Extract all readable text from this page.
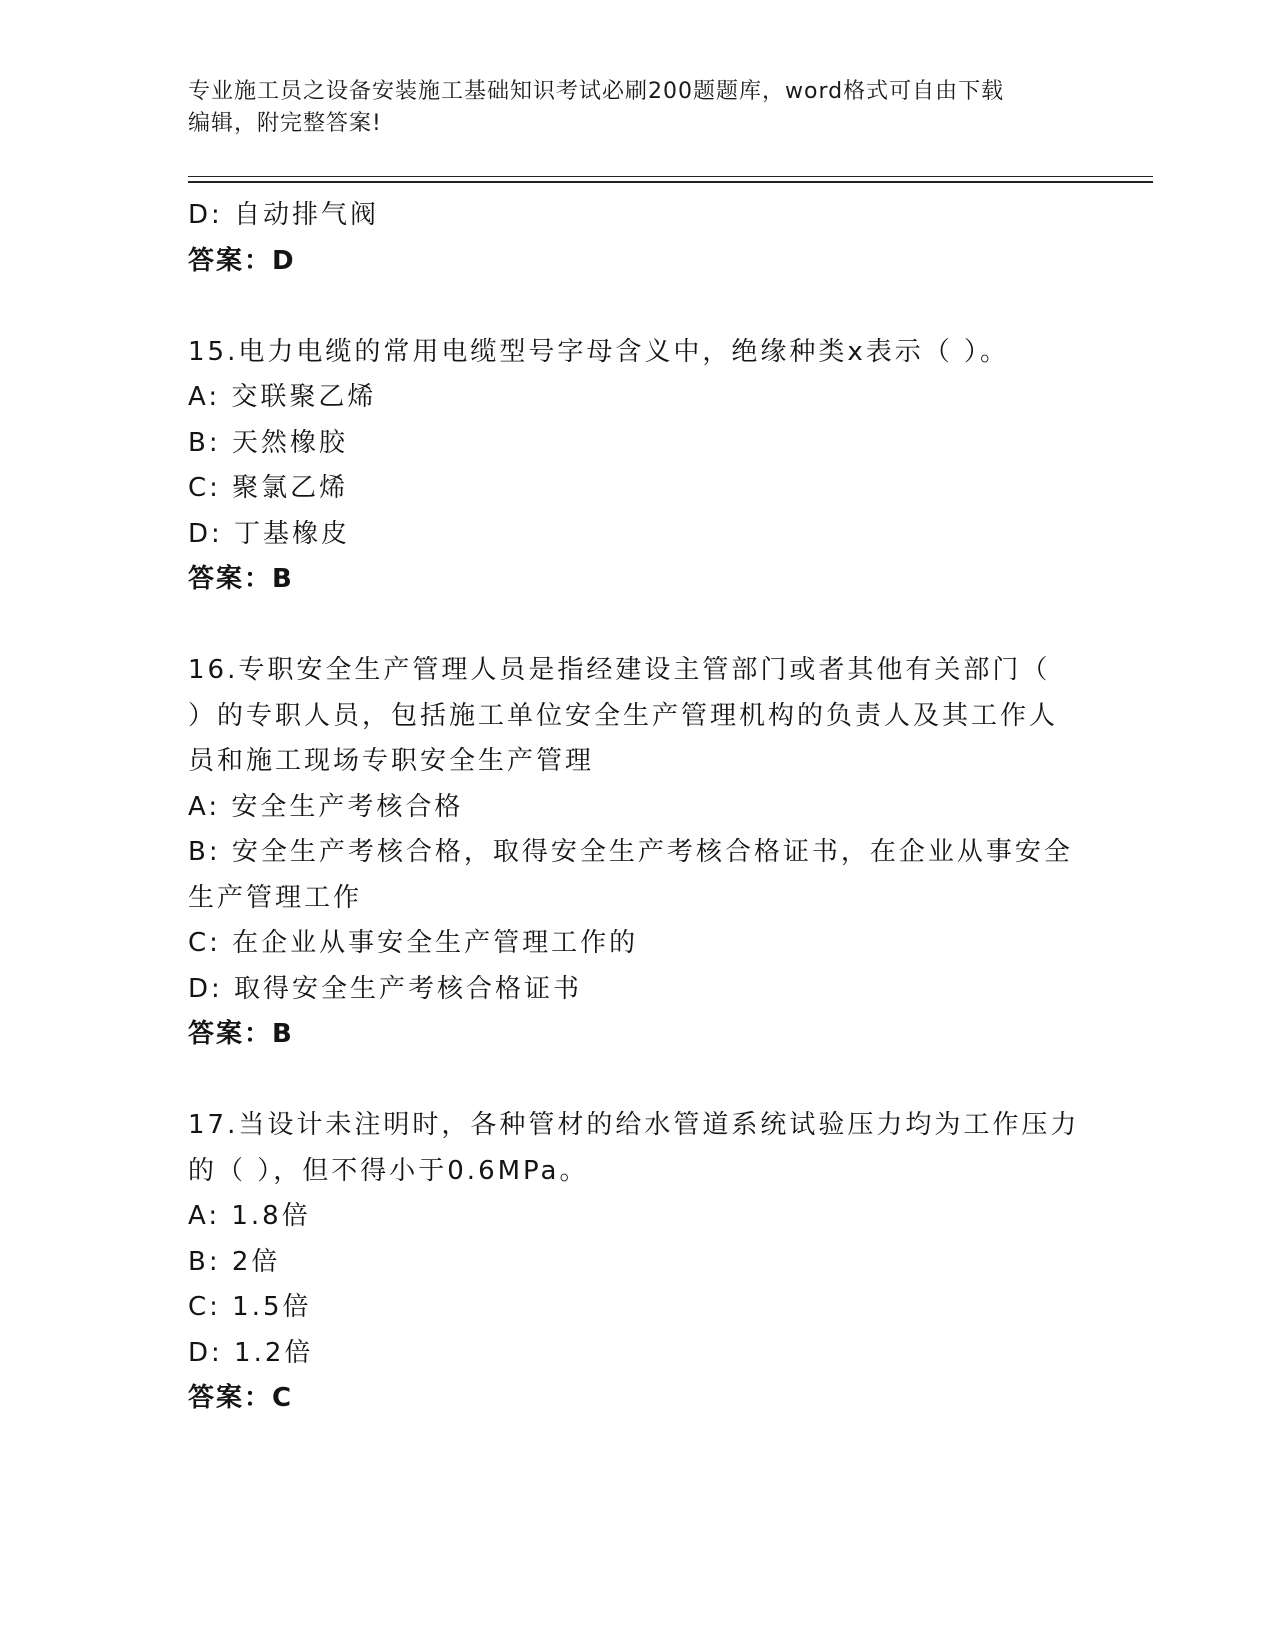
专业施工员之设备安装施工基础知识考试必刷200题题库，word格式可自由下载
编辑，附完整答案!
D: 自动排气阀
答案：D
15.电力电缆的常用电缆型号字母含义中，绝缘种类x表示（ ）。
A: 交联聚乙烯
B: 天然橡胶
C: 聚氯乙烯
D: 丁基橡皮
答案：B
16.专职安全生产管理人员是指经建设主管部门或者其他有关部门（
）的专职人员，包括施工单位安全生产管理机构的负责人及其工作人
员和施工现场专职安全生产管理
A: 安全生产考核合格
B: 安全生产考核合格，取得安全生产考核合格证书，在企业从事安全
生产管理工作
C: 在企业从事安全生产管理工作的
D: 取得安全生产考核合格证书
答案：B
17.当设计未注明时，各种管材的给水管道系统试验压力均为工作压力
的（ ），但不得小于0.6MPa。
A: 1.8倍
B: 2倍
C: 1.5倍
D: 1.2倍
答案：C
